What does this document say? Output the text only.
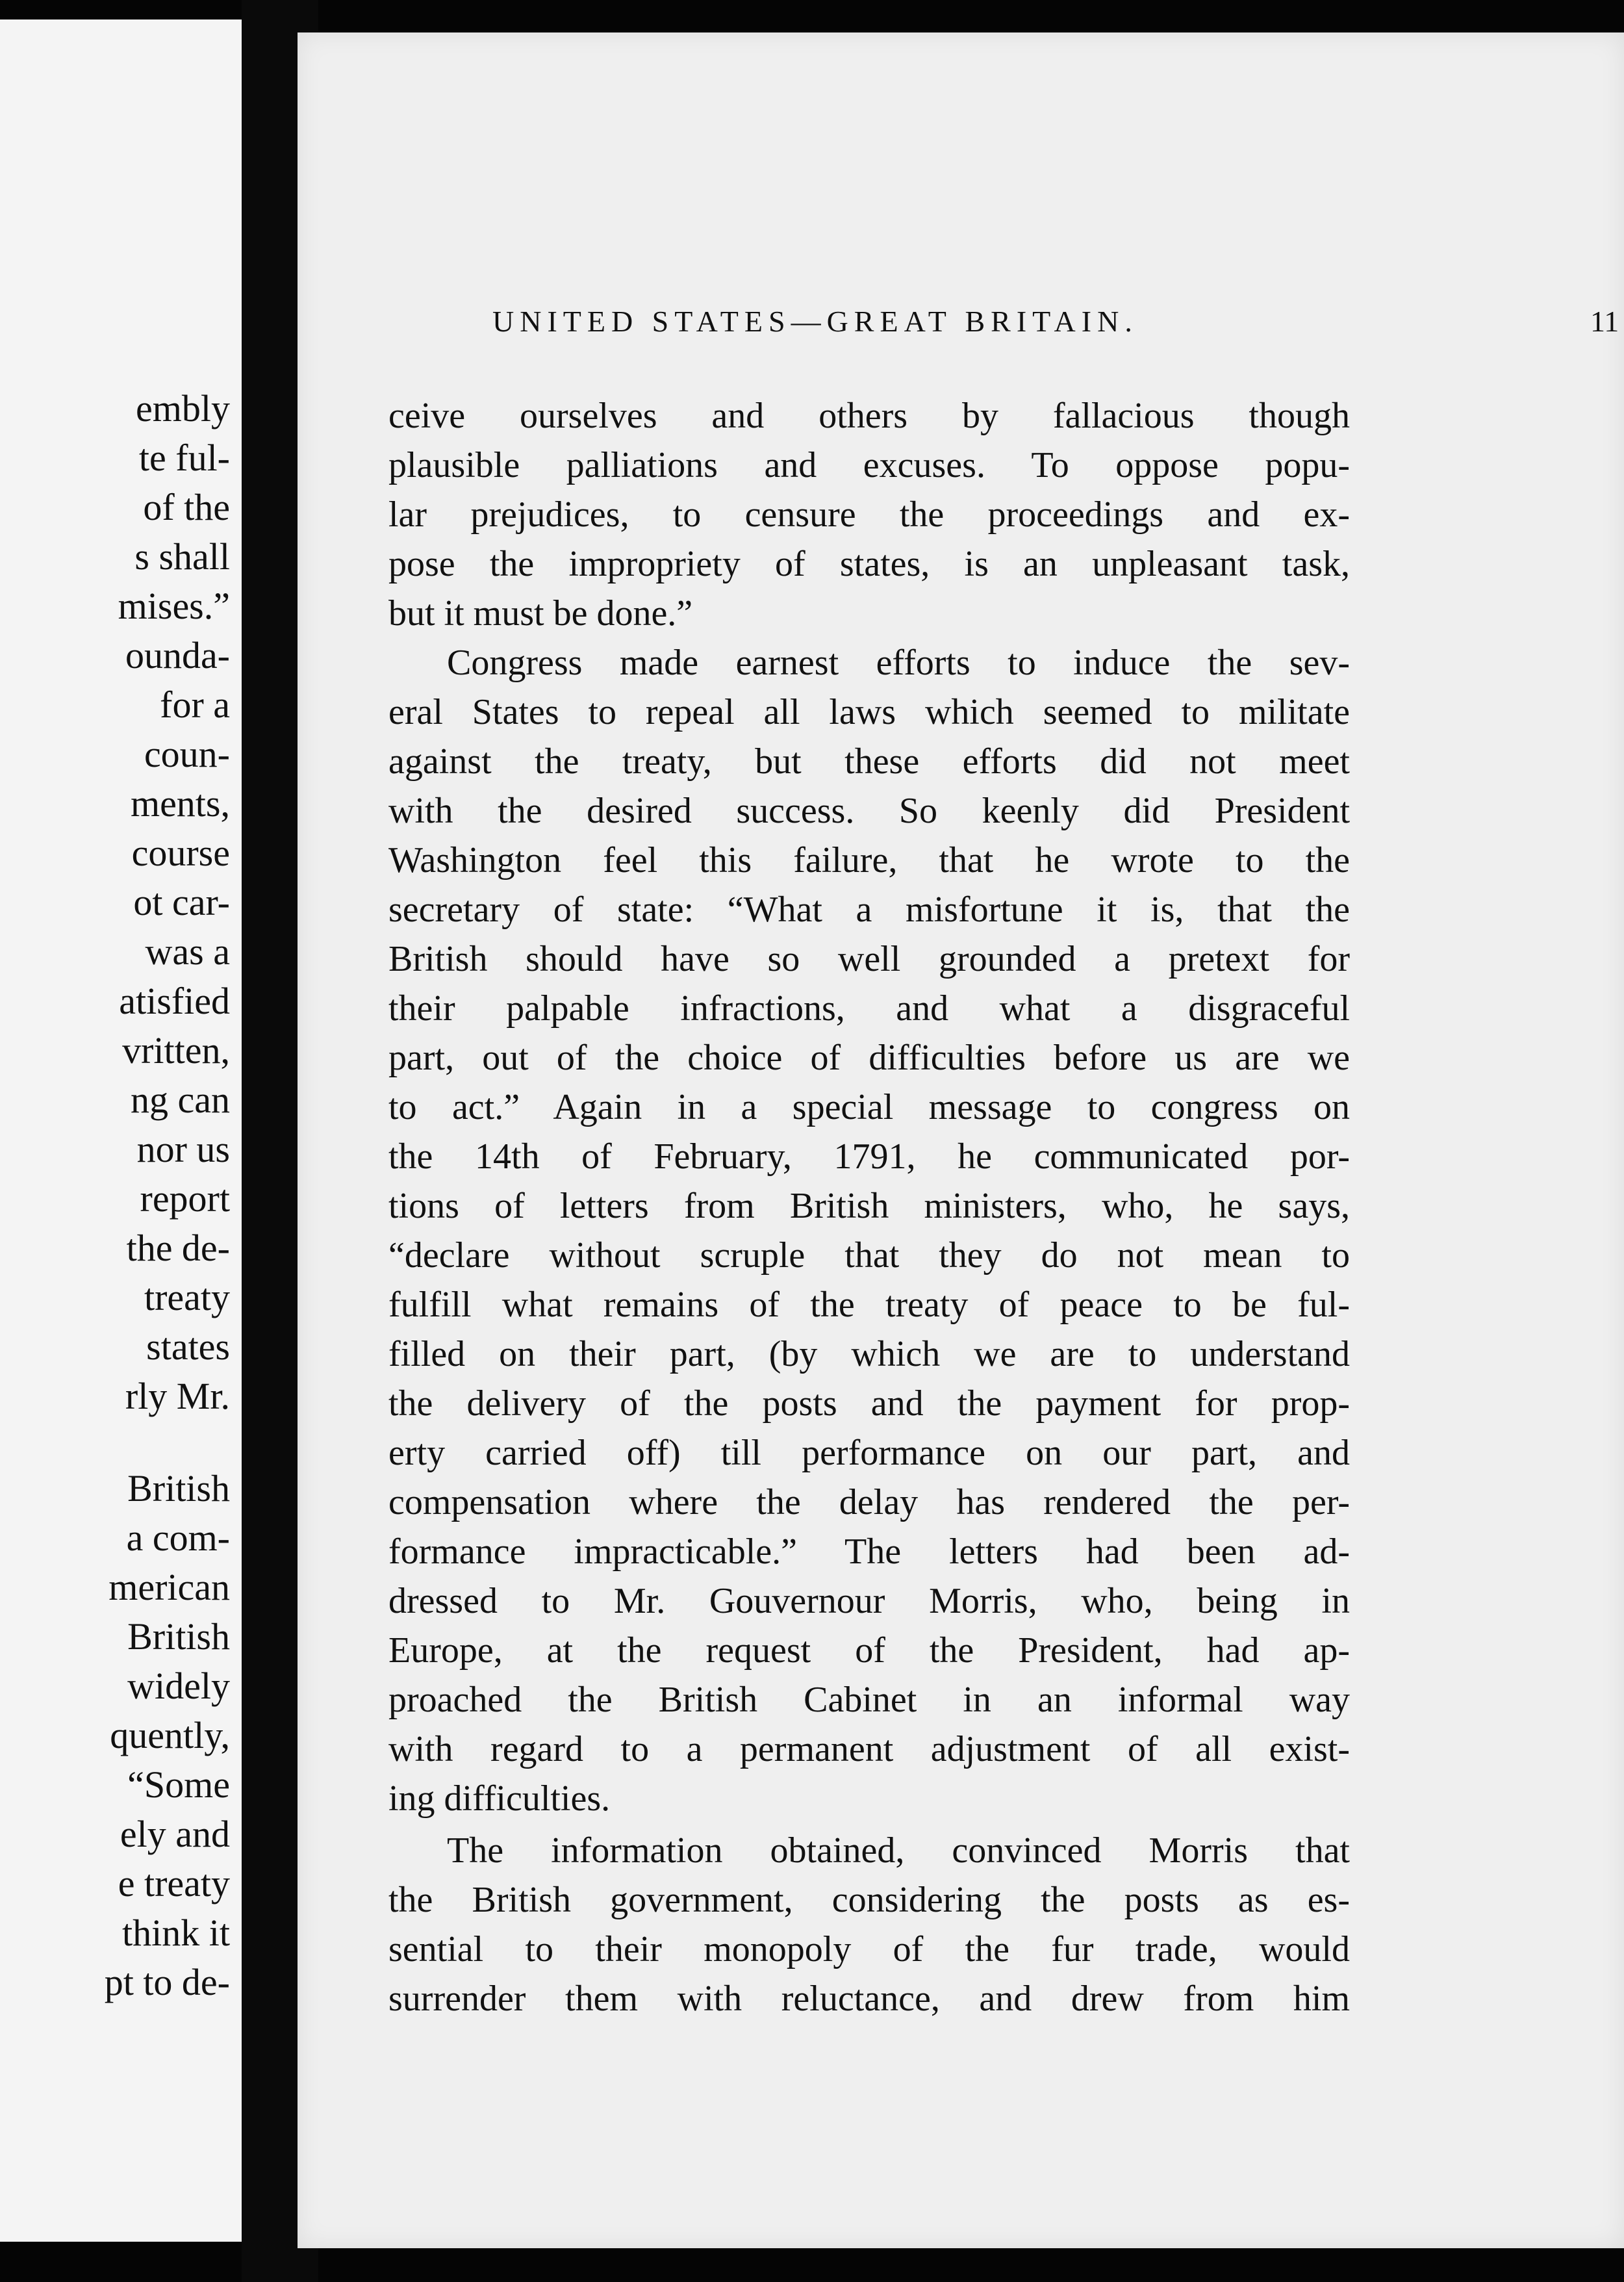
embly
te ful-
of the
s shall
mises.”
ounda-
for a
coun-
ments,
course
ot car-
was a
atisfied
vritten,
ng can
nor us
report
the de-
treaty
states
rly Mr.
British
a com-
merican
British
widely
quently,
“Some
ely and
e treaty
think it
pt to de-
UNITED STATES—GREAT BRITAIN.	11
ceive ourselves and others by fallacious though
plausible palliations and excuses. To oppose popu-
lar prejudices, to censure the proceedings and ex-
pose the impropriety of states, is an unpleasant task,
but it must be done.”
Congress made earnest efforts to induce the sev-
eral States to repeal all laws which seemed to militate
against the treaty, but these efforts did not meet
with the desired success. So keenly did President
Washington feel this failure, that he wrote to the
secretary of state: “What a misfortune it is, that the
British should have so well grounded a pretext for
their palpable infractions, and what a disgraceful
part, out of the choice of difficulties before us are we
to act.” Again in a special message to congress on
the 14th of February, 1791, he communicated por-
tions of letters from British ministers, who, he says,
“declare without scruple that they do not mean to
fulfill what remains of the treaty of peace to be ful-
filled on their part, (by which we are to understand
the delivery of the posts and the payment for prop-
erty carried off) till performance on our part, and
compensation where the delay has rendered the per-
formance impracticable.” The letters had been ad-
dressed to Mr. Gouvernour Morris, who, being in
Europe, at the request of the President, had ap-
proached the British Cabinet in an informal way
with regard to a permanent adjustment of all exist-
ing difficulties.
The information obtained, convinced Morris that
the British government, considering the posts as es-
sential to their monopoly of the fur trade, would
surrender them with reluctance, and drew from him
